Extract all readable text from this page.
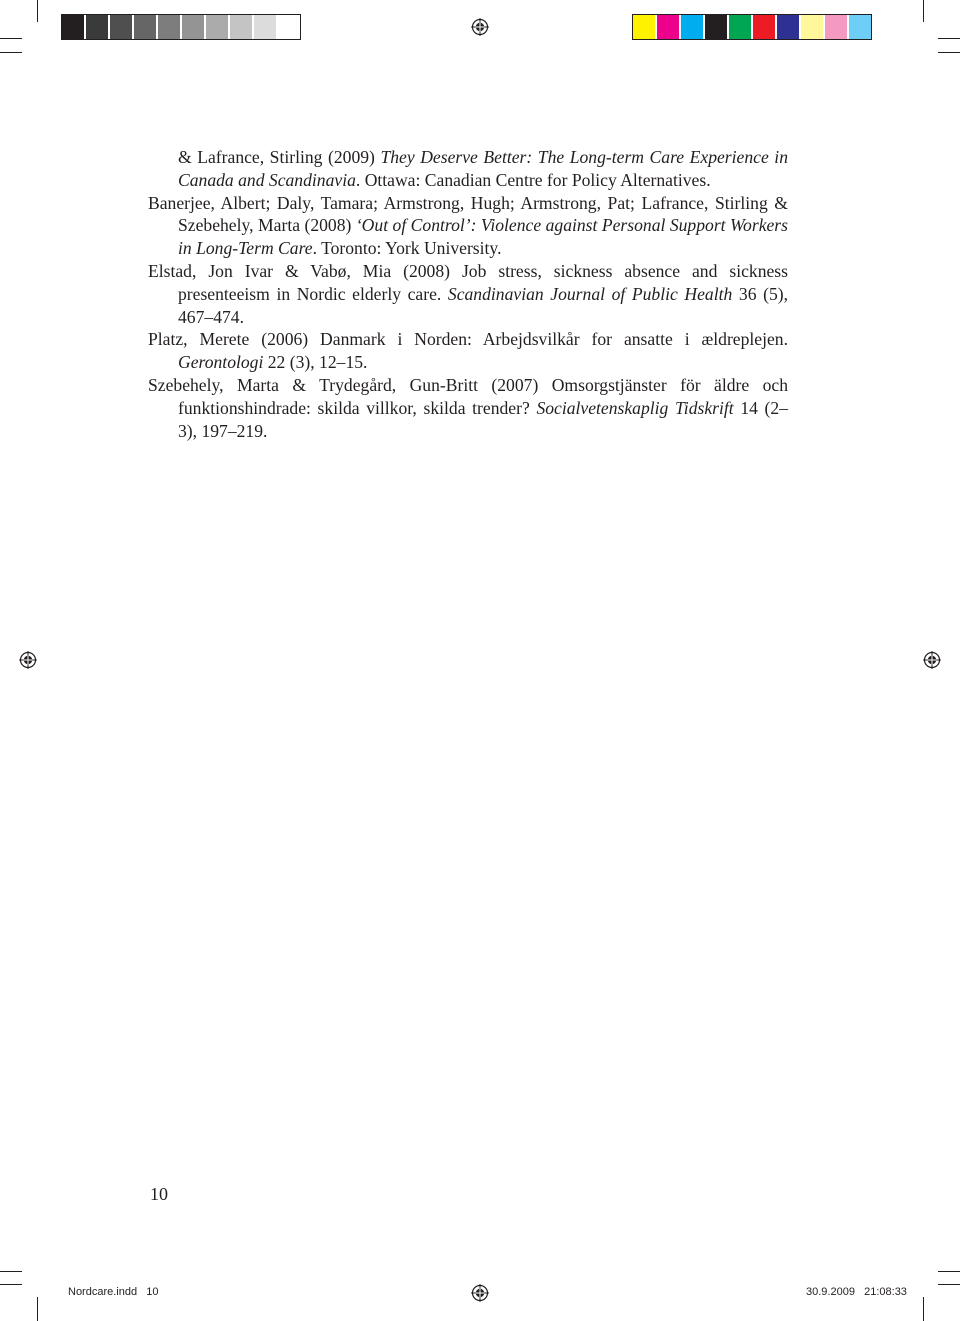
& Lafrance, Stirling (2009) They Deserve Better: The Long-term Care Experience in Canada and Scandinavia. Ottawa: Canadian Centre for Policy Alternatives.

Banerjee, Albert; Daly, Tamara; Armstrong, Hugh; Armstrong, Pat; Lafrance, Stirling & Szebehely, Marta (2008) ‘Out of Control’: Violence against Personal Support Workers in Long-Term Care. Toronto: York University.

Elstad, Jon Ivar & Vabø, Mia (2008) Job stress, sickness absence and sickness presenteeism in Nordic elderly care. Scandinavian Journal of Public Health 36 (5), 467–474.

Platz, Merete (2006) Danmark i Norden: Arbejdsvilkår for ansatte i ældreplejen. Gerontologi 22 (3), 12–15.

Szebehely, Marta & Trydegård, Gun-Britt (2007) Omsorgstjänster för äldre och funktionshindrade: skilda villkor, skilda trender? Socialvetenskaplig Tidskrift 14 (2–3), 197–219.

10
Nordcare.indd   10	30.9.2009   21:08:33
